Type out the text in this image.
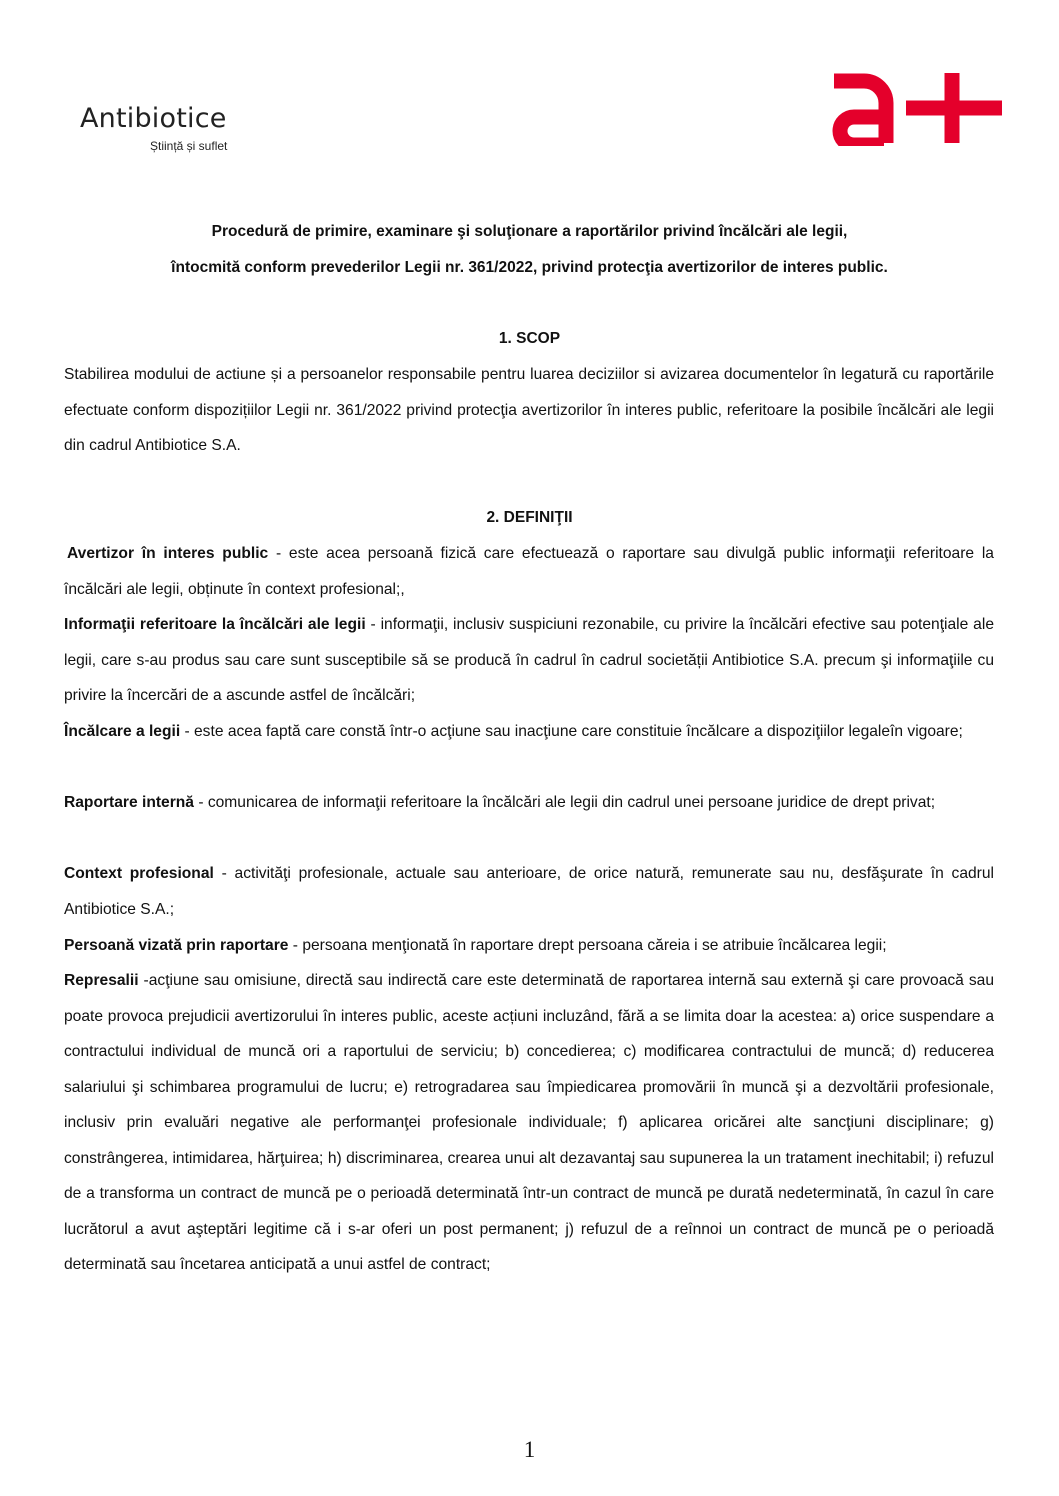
Antibiotice
Știință și suflet
Procedură de primire, examinare şi soluţionare a raportărilor privind încălcări ale legii,
întocmită conform prevederilor Legii nr. 361/2022, privind protecţia avertizorilor de interes public.
1. SCOP
Stabilirea modului de actiune și a persoanelor responsabile pentru luarea deciziilor si avizarea documentelor în legatură cu raportările efectuate conform dispozițiilor Legii nr. 361/2022 privind protecţia avertizorilor în interes public, referitoare la posibile încălcări ale legii din cadrul Antibiotice S.A.
2. DEFINIŢII
Avertizor în interes public - este acea persoană fizică care efectuează o raportare sau divulgă public informaţii referitoare la încălcări ale legii, obținute în context profesional;,
Informaţii referitoare la încălcări ale legii - informaţii, inclusiv suspiciuni rezonabile, cu privire la încălcări efective sau potenţiale ale legii, care s-au produs sau care sunt susceptibile să se producă în cadrul în cadrul societății Antibiotice S.A. precum şi informaţiile cu privire la încercări de a ascunde astfel de încălcări;
Încălcare a legii - este acea faptă care constă într-o acţiune sau inacţiune care constituie încălcare a dispoziţiilor legaleîn vigoare;
Raportare internă - comunicarea de informaţii referitoare la încălcări ale legii din cadrul unei persoane juridice de drept privat;
Context profesional - activităţi profesionale, actuale sau anterioare, de orice natură, remunerate sau nu, desfăşurate în cadrul Antibiotice S.A.;
Persoană vizată prin raportare - persoana menţionată în raportare drept persoana căreia i se atribuie încălcarea legii;
Represalii -acţiune sau omisiune, directă sau indirectă care este determinată de raportarea internă sau externă şi care provoacă sau poate provoca prejudicii avertizorului în interes public, aceste acțiuni incluzând, fără a se limita doar la acestea: a) orice suspendare a contractului individual de muncă ori a raportului de serviciu; b) concedierea; c) modificarea contractului de muncă; d) reducerea salariului şi schimbarea programului de lucru; e) retrogradarea sau împiedicarea promovării în muncă şi a dezvoltării profesionale, inclusiv prin evaluări negative ale performanţei profesionale individuale; f) aplicarea oricărei alte sancţiuni disciplinare; g) constrângerea, intimidarea, hărţuirea; h) discriminarea, crearea unui alt dezavantaj sau supunerea la un tratament inechitabil; i) refuzul de a transforma un contract de muncă pe o perioadă determinată într-un contract de muncă pe durată nedeterminată, în cazul în care lucrătorul a avut aşteptări legitime că i s-ar oferi un post permanent; j) refuzul de a reînnoi un contract de muncă pe o perioadă determinată sau încetarea anticipată a unui astfel de contract;
1
